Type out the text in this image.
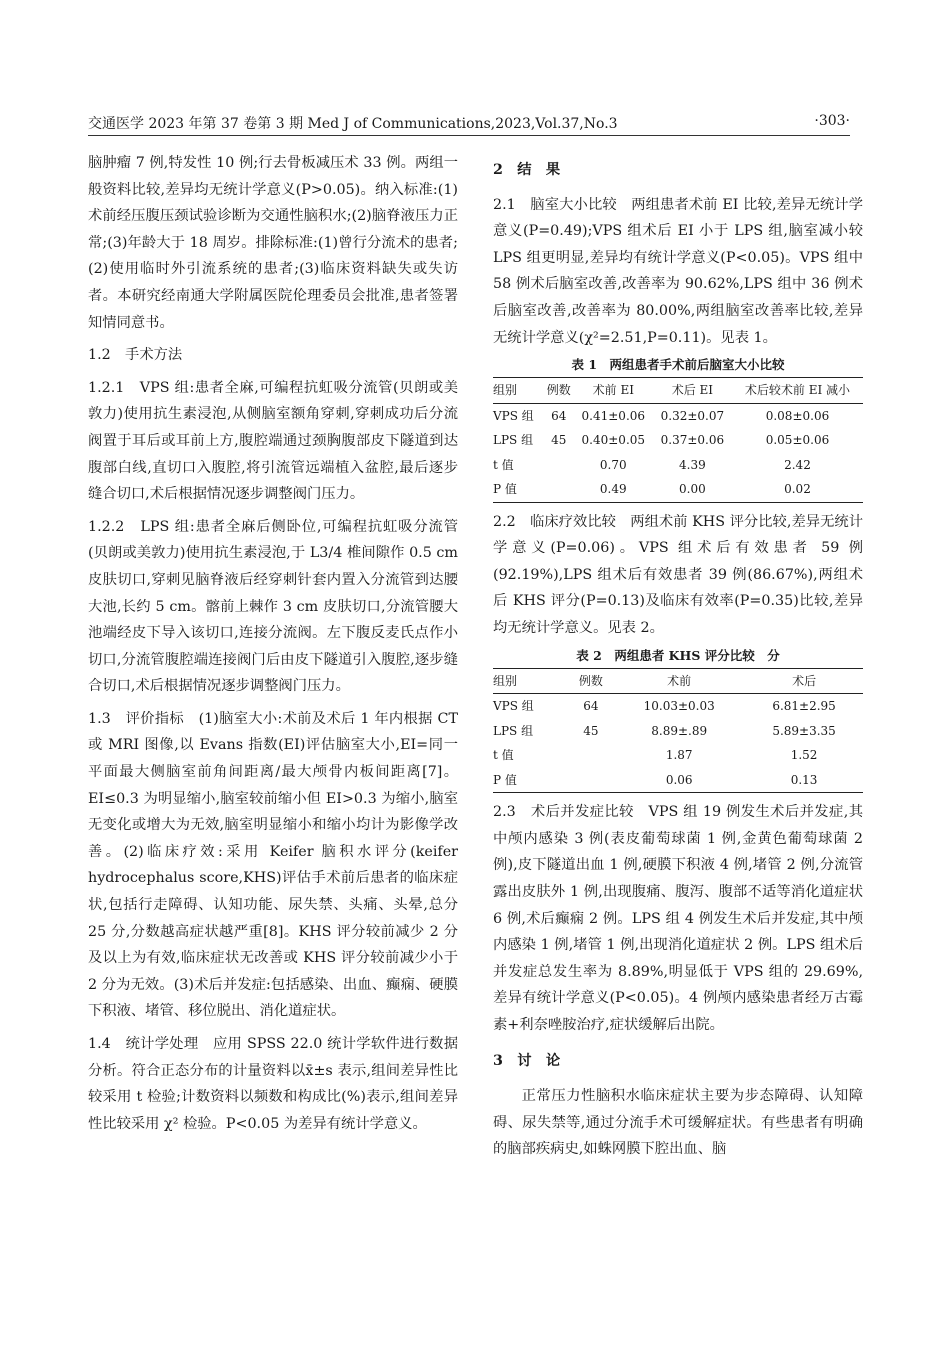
交通医学 2023 年第 37 卷第 3 期 Med J of Communications,2023,Vol.37,No.3	·303·

脑肿瘤 7 例,特发性 10 例;行去骨板减压术 33 例。两组一般资料比较,差异均无统计学意义(P>0.05)。纳入标准:(1)术前经压腹压颈试验诊断为交通性脑积水;(2)脑脊液压力正常;(3)年龄大于 18 周岁。排除标准:(1)曾行分流术的患者;(2)使用临时外引流系统的患者;(3)临床资料缺失或失访者。本研究经南通大学附属医院伦理委员会批准,患者签署知情同意书。

1.2　手术方法

1.2.1　VPS 组:患者全麻,可编程抗虹吸分流管(贝朗或美敦力)使用抗生素浸泡,从侧脑室额角穿刺,穿刺成功后分流阀置于耳后或耳前上方,腹腔端通过颈胸腹部皮下隧道到达腹部白线,直切口入腹腔,将引流管远端植入盆腔,最后逐步缝合切口,术后根据情况逐步调整阀门压力。

1.2.2　LPS 组:患者全麻后侧卧位,可编程抗虹吸分流管(贝朗或美敦力)使用抗生素浸泡,于 L3/4 椎间隙作 0.5 cm 皮肤切口,穿刺见脑脊液后经穿刺针套内置入分流管到达腰大池,长约 5 cm。髂前上棘作 3 cm 皮肤切口,分流管腰大池端经皮下导入该切口,连接分流阀。左下腹反麦氏点作小切口,分流管腹腔端连接阀门后由皮下隧道引入腹腔,逐步缝合切口,术后根据情况逐步调整阀门压力。

1.3　评价指标　(1)脑室大小:术前及术后 1 年内根据 CT 或 MRI 图像,以 Evans 指数(EI)评估脑室大小,EI=同一平面最大侧脑室前角间距离/最大颅骨内板间距离[7]。EI≤0.3 为明显缩小,脑室较前缩小但 EI>0.3 为缩小,脑室无变化或增大为无效,脑室明显缩小和缩小均计为影像学改善。(2)临床疗效:采用 Keifer 脑积水评分(keifer hydrocephalus score,KHS)评估手术前后患者的临床症状,包括行走障碍、认知功能、尿失禁、头痛、头晕,总分 25 分,分数越高症状越严重[8]。KHS 评分较前减少 2 分及以上为有效,临床症状无改善或 KHS 评分较前减少小于 2 分为无效。(3)术后并发症:包括感染、出血、癫痫、硬膜下积液、堵管、移位脱出、消化道症状。

1.4　统计学处理　应用 SPSS 22.0 统计学软件进行数据分析。符合正态分布的计量资料以x̄±s 表示,组间差异性比较采用 t 检验;计数资料以频数和构成比(%)表示,组间差异性比较采用 χ² 检验。P<0.05 为差异有统计学意义。

2　结　果

2.1　脑室大小比较　两组患者术前 EI 比较,差异无统计学意义(P=0.49);VPS 组术后 EI 小于 LPS 组,脑室减小较 LPS 组更明显,差异均有统计学意义(P<0.05)。VPS 组中 58 例术后脑室改善,改善率为 90.62%,LPS 组中 36 例术后脑室改善,改善率为 80.00%,两组脑室改善率比较,差异无统计学意义(χ²=2.51,P=0.11)。见表 1。

表 1　两组患者手术前后脑室大小比较
组别	例数	术前 EI	术后 EI	术后较术前 EI 减小
VPS 组	64	0.41±0.06	0.32±0.07	0.08±0.06
LPS 组	45	0.40±0.05	0.37±0.06	0.05±0.06
t 值		0.70	4.39	2.42
P 值		0.49	0.00	0.02

2.2　临床疗效比较　两组术前 KHS 评分比较,差异无统计学意义(P=0.06)。VPS 组术后有效患者 59 例(92.19%),LPS 组术后有效患者 39 例(86.67%),两组术后 KHS 评分(P=0.13)及临床有效率(P=0.35)比较,差异均无统计学意义。见表 2。

表 2　两组患者 KHS 评分比较　分
组别	例数	术前	术后
VPS 组	64	10.03±0.03	6.81±2.95
LPS 组	45	8.89±.89	5.89±3.35
t 值		1.87	1.52
P 值		0.06	0.13

2.3　术后并发症比较　VPS 组 19 例发生术后并发症,其中颅内感染 3 例(表皮葡萄球菌 1 例,金黄色葡萄球菌 2 例),皮下隧道出血 1 例,硬膜下积液 4 例,堵管 2 例,分流管露出皮肤外 1 例,出现腹痛、腹泻、腹部不适等消化道症状 6 例,术后癫痫 2 例。LPS 组 4 例发生术后并发症,其中颅内感染 1 例,堵管 1 例,出现消化道症状 2 例。LPS 组术后并发症总发生率为 8.89%,明显低于 VPS 组的 29.69%,差异有统计学意义(P<0.05)。4 例颅内感染患者经万古霉素+利奈唑胺治疗,症状缓解后出院。

3　讨　论

正常压力性脑积水临床症状主要为步态障碍、认知障碍、尿失禁等,通过分流手术可缓解症状。有些患者有明确的脑部疾病史,如蛛网膜下腔出血、脑
